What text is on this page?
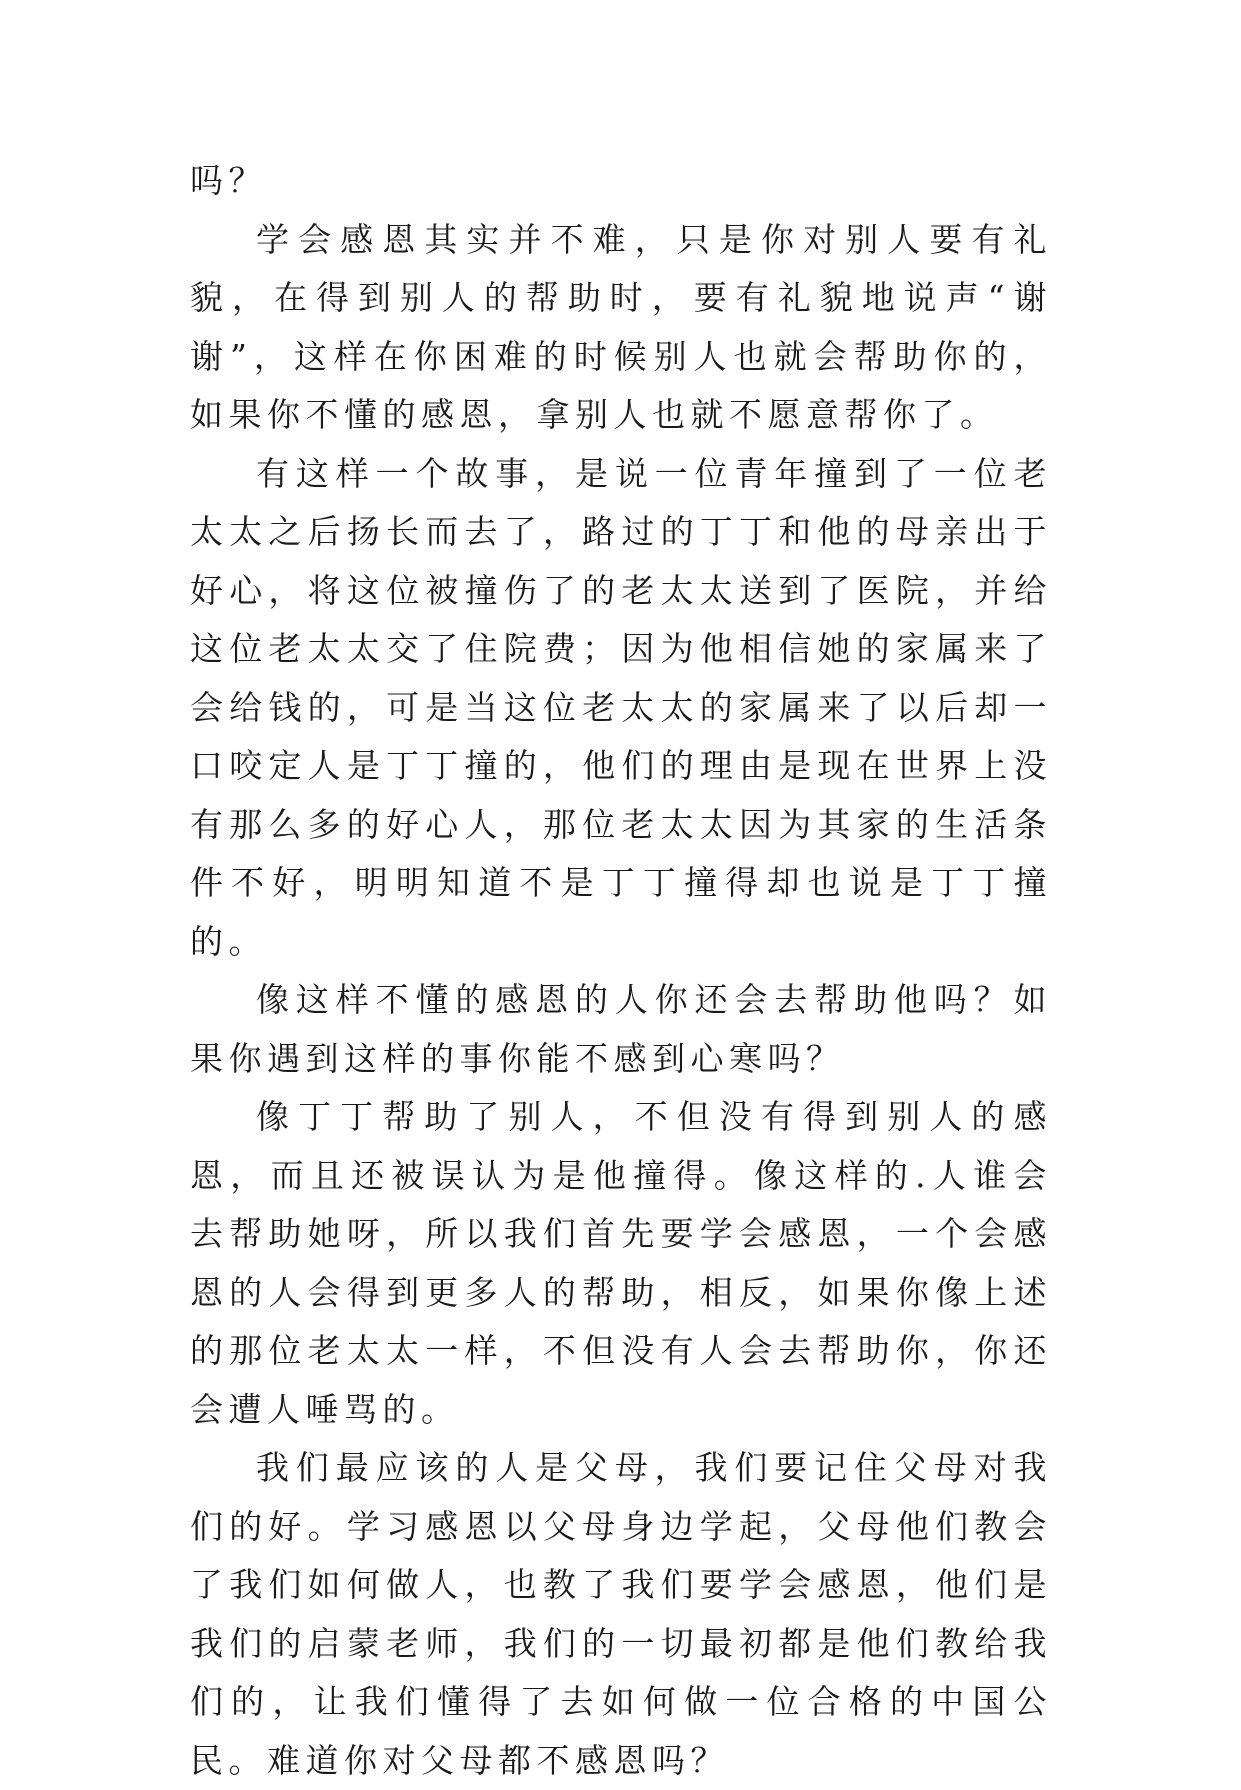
吗？

学会感恩其实并不难，只是你对别人要有礼貌，在得到别人的帮助时，要有礼貌地说声“谢谢”，这样在你困难的时候别人也就会帮助你的，如果你不懂的感恩，拿别人也就不愿意帮你了。

有这样一个故事，是说一位青年撞到了一位老太太之后扬长而去了，路过的丁丁和他的母亲出于好心，将这位被撞伤了的老太太送到了医院，并给这位老太太交了住院费；因为他相信她的家属来了会给钱的，可是当这位老太太的家属来了以后却一口咬定人是丁丁撞的，他们的理由是现在世界上没有那么多的好心人，那位老太太因为其家的生活条件不好，明明知道不是丁丁撞得却也说是丁丁撞的。

像这样不懂的感恩的人你还会去帮助他吗？如果你遇到这样的事你能不感到心寒吗？

像丁丁帮助了别人，不但没有得到别人的感恩，而且还被误认为是他撞得。像这样的.人谁会去帮助她呀，所以我们首先要学会感恩，一个会感恩的人会得到更多人的帮助，相反，如果你像上述的那位老太太一样，不但没有人会去帮助你，你还会遭人唾骂的。

我们最应该的人是父母，我们要记住父母对我们的好。学习感恩以父母身边学起，父母他们教会了我们如何做人，也教了我们要学会感恩，他们是我们的启蒙老师，我们的一切最初都是他们教给我们的，让我们懂得了去如何做一位合格的中国公民。难道你对父母都不感恩吗？
